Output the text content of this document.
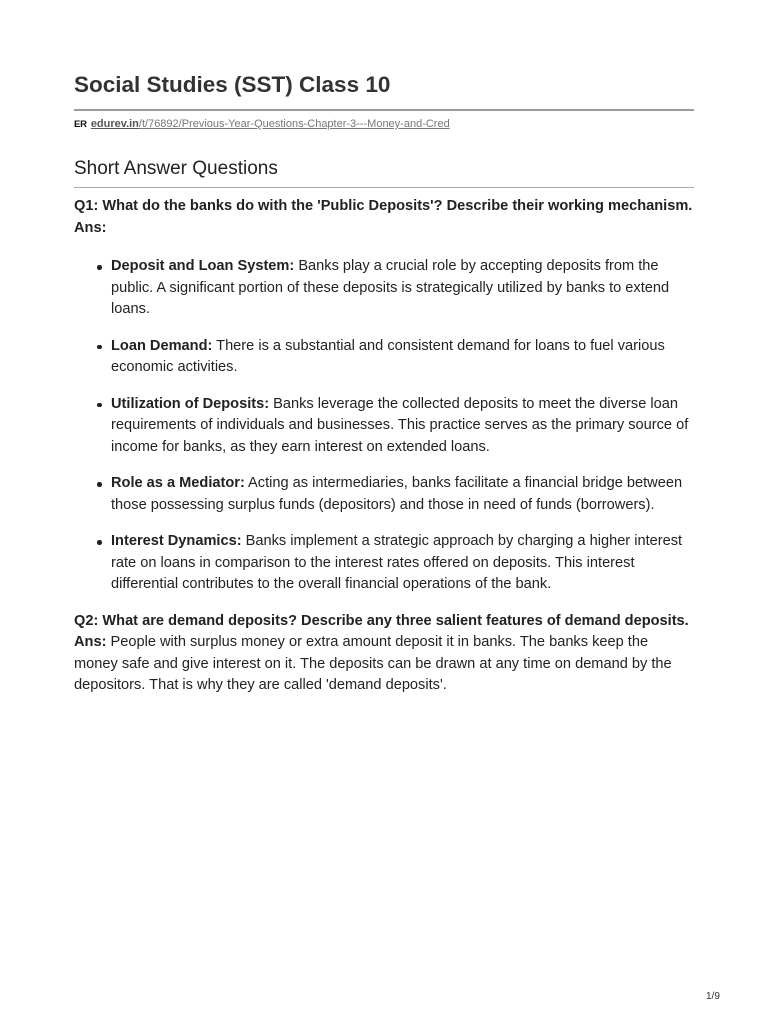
Social Studies (SST) Class 10
ER edurev.in/t/76892/Previous-Year-Questions-Chapter-3---Money-and-Cred
Short Answer Questions

Q1: What do the banks do with the 'Public Deposits'? Describe their working mechanism.

Ans:

Deposit and Loan System: Banks play a crucial role by accepting deposits from the public. A significant portion of these deposits is strategically utilized by banks to extend loans.
Loan Demand: There is a substantial and consistent demand for loans to fuel various economic activities.
Utilization of Deposits: Banks leverage the collected deposits to meet the diverse loan requirements of individuals and businesses. This practice serves as the primary source of income for banks, as they earn interest on extended loans.
Role as a Mediator: Acting as intermediaries, banks facilitate a financial bridge between those possessing surplus funds (depositors) and those in need of funds (borrowers).
Interest Dynamics: Banks implement a strategic approach by charging a higher interest rate on loans in comparison to the interest rates offered on deposits. This interest differential contributes to the overall financial operations of the bank.

Q2: What are demand deposits? Describe any three salient features of demand deposits.

Ans: People with surplus money or extra amount deposit it in banks. The banks keep the money safe and give interest on it. The deposits can be drawn at any time on demand by the depositors. That is why they are called 'demand deposits'.

1/9
